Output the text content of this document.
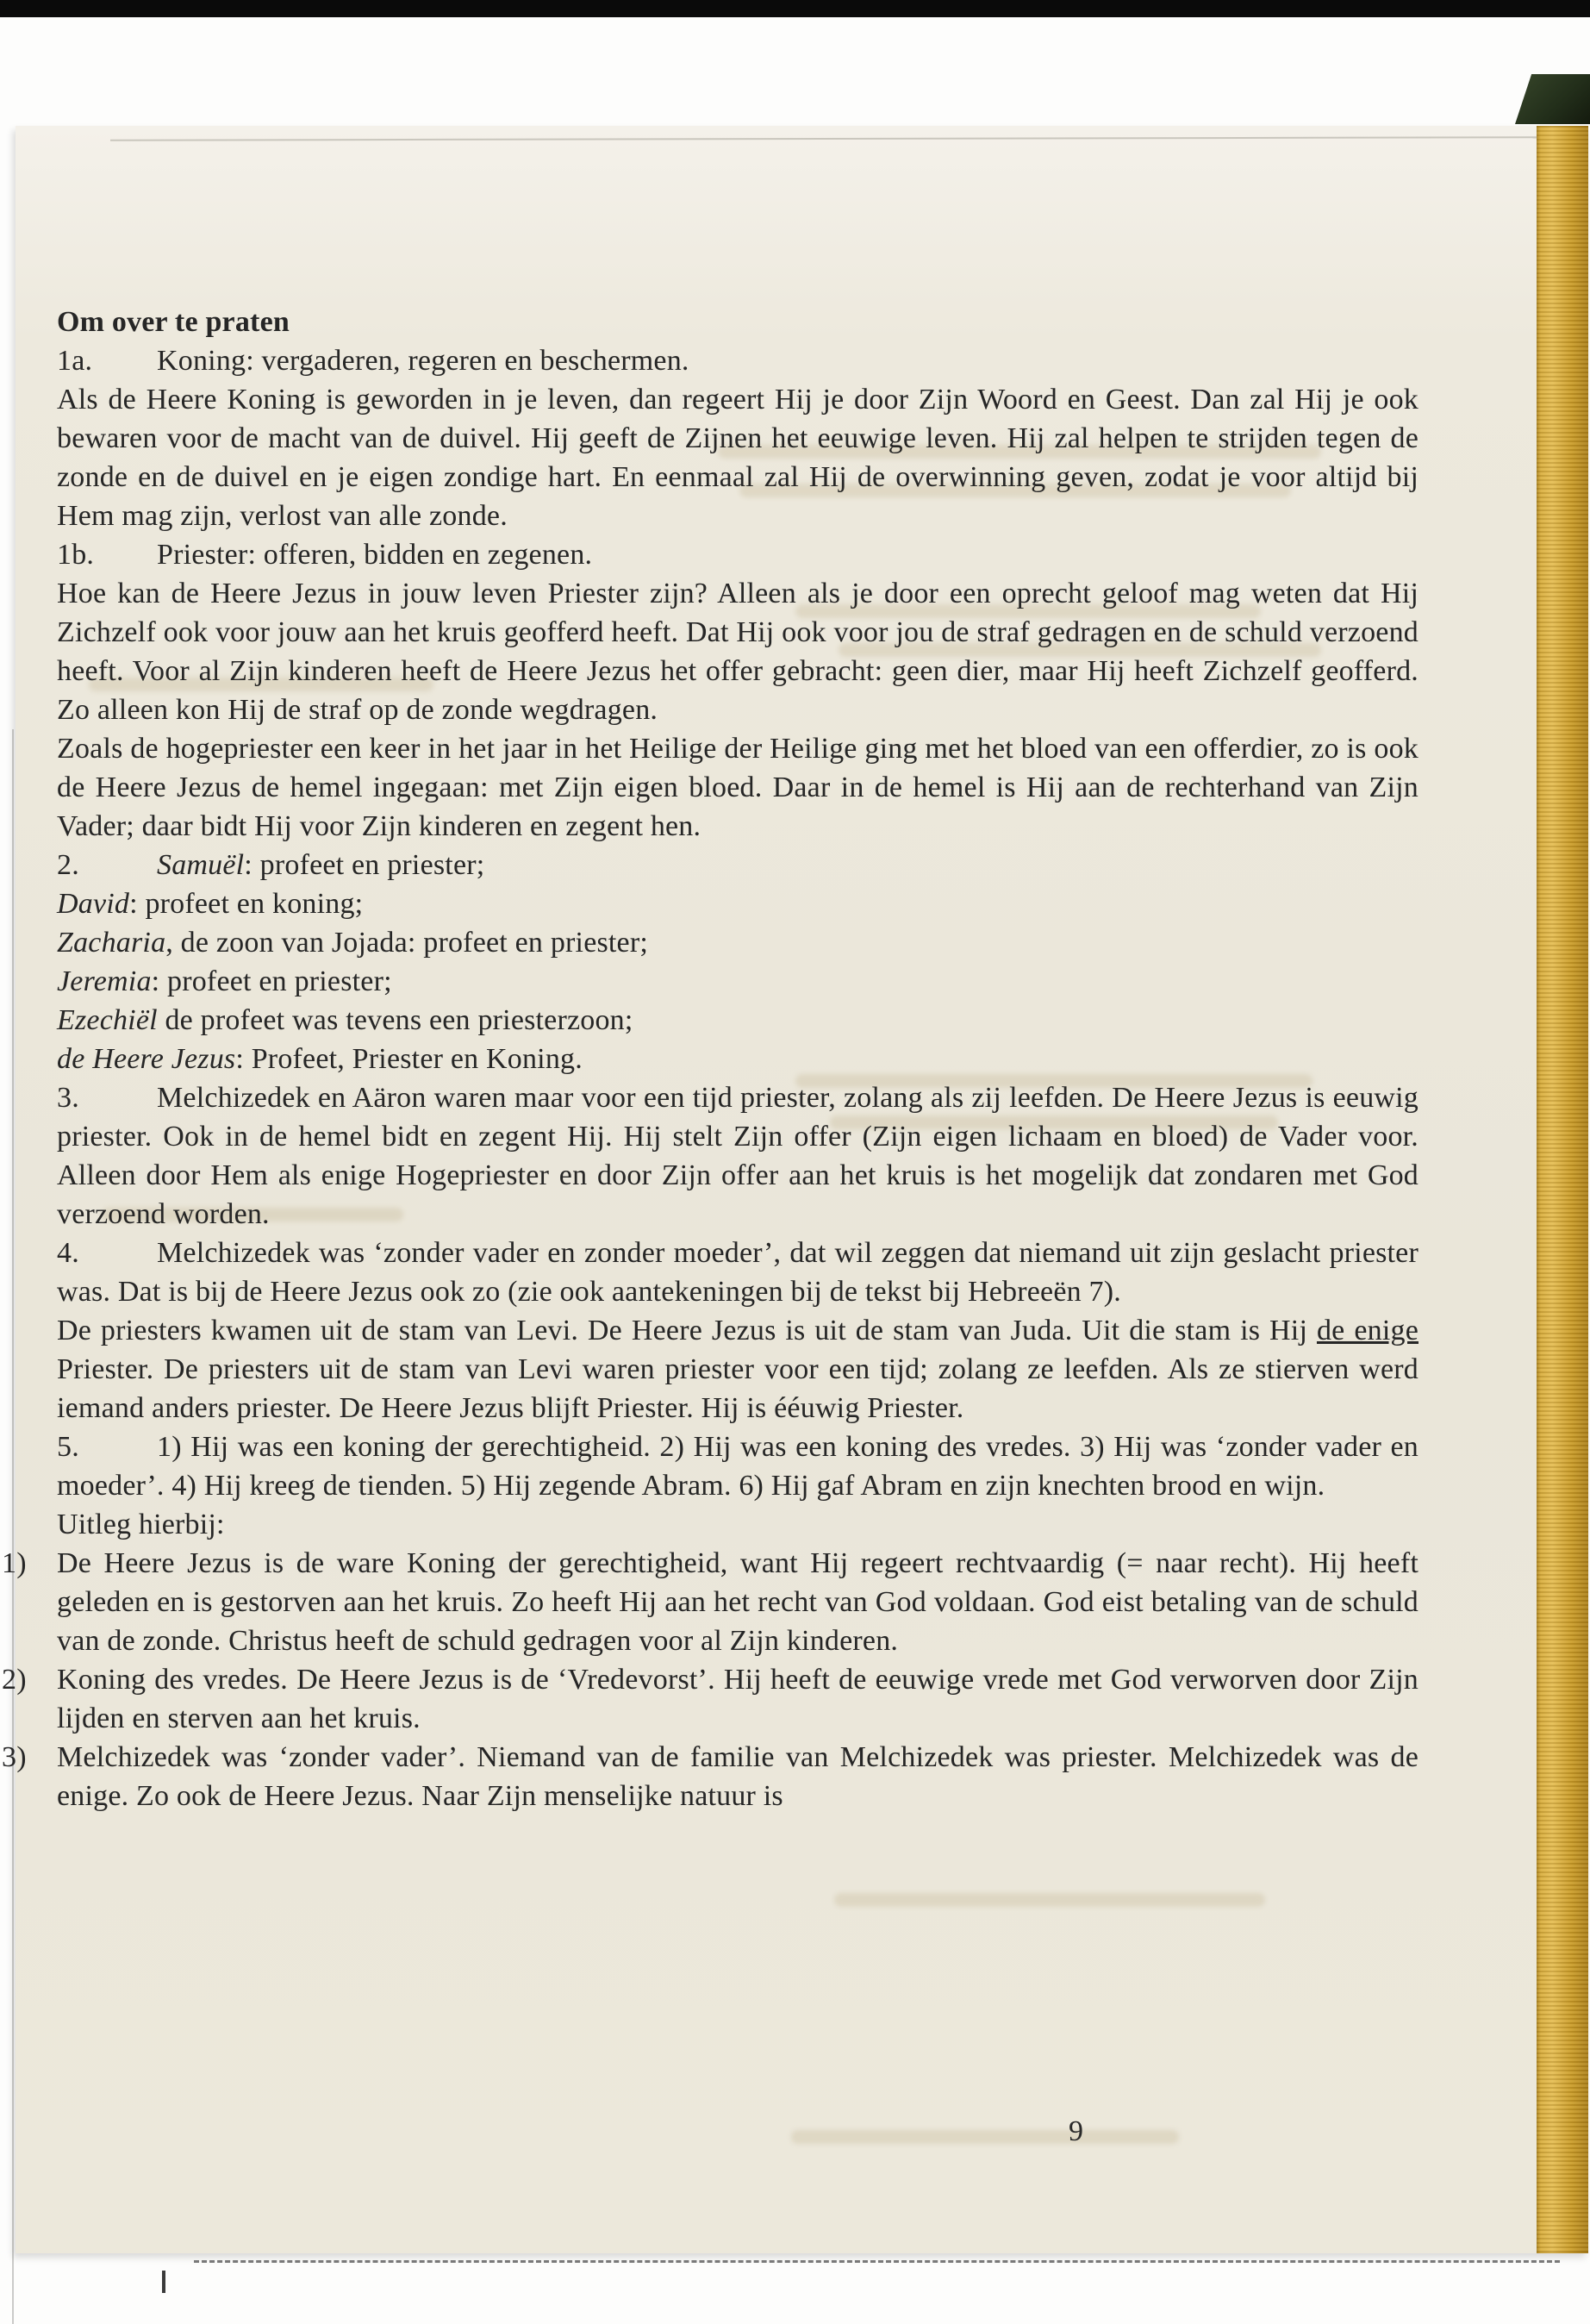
Om over te praten

1a. Koning: vergaderen, regeren en beschermen.

Als de Heere Koning is geworden in je leven, dan regeert Hij je door Zijn Woord en Geest. Dan zal Hij je ook bewaren voor de macht van de duivel. Hij geeft de Zijnen het eeuwige leven. Hij zal helpen te strijden tegen de zonde en de duivel en je eigen zondige hart. En eenmaal zal Hij de overwinning geven, zodat je voor altijd bij Hem mag zijn, verlost van alle zonde.

1b. Priester: offeren, bidden en zegenen.

Hoe kan de Heere Jezus in jouw leven Priester zijn? Alleen als je door een oprecht geloof mag weten dat Hij Zichzelf ook voor jouw aan het kruis geofferd heeft. Dat Hij ook voor jou de straf gedragen en de schuld verzoend heeft. Voor al Zijn kinderen heeft de Heere Jezus het offer gebracht: geen dier, maar Hij heeft Zichzelf geofferd. Zo alleen kon Hij de straf op de zonde wegdragen.

Zoals de hogepriester een keer in het jaar in het Heilige der Heilige ging met het bloed van een offerdier, zo is ook de Heere Jezus de hemel ingegaan: met Zijn eigen bloed. Daar in de hemel is Hij aan de rechterhand van Zijn Vader; daar bidt Hij voor Zijn kinderen en zegent hen.

2.	Samuël: profeet en priester;

David: profeet en koning;

Zacharia, de zoon van Jojada: profeet en priester;

Jeremia: profeet en priester;

Ezechiël de profeet was tevens een priesterzoon;

de Heere Jezus: Profeet, Priester en Koning.

3.	Melchizedek en Aäron waren maar voor een tijd priester, zolang als zij leefden. De Heere Jezus is eeuwig priester. Ook in de hemel bidt en zegent Hij. Hij stelt Zijn offer (Zijn eigen lichaam en bloed) de Vader voor. Alleen door Hem als enige Hogepriester en door Zijn offer aan het kruis is het mogelijk dat zondaren met God verzoend worden.

4.	Melchizedek was ‘zonder vader en zonder moeder’, dat wil zeggen dat niemand uit zijn geslacht priester was. Dat is bij de Heere Jezus ook zo (zie ook aantekeningen bij de tekst bij Hebreeën 7).

De priesters kwamen uit de stam van Levi. De Heere Jezus is uit de stam van Juda. Uit die stam is Hij de enige Priester. De priesters uit de stam van Levi waren priester voor een tijd; zolang ze leefden. Als ze stierven werd iemand anders priester. De Heere Jezus blijft Priester. Hij is ééuwig Priester.

5.	1) Hij was een koning der gerechtigheid. 2) Hij was een koning des vredes. 3) Hij was ‘zonder vader en moeder’. 4) Hij kreeg de tienden. 5) Hij zegende Abram. 6) Hij gaf Abram en zijn knechten brood en wijn.

Uitleg hierbij:

1) De Heere Jezus is de ware Koning der gerechtigheid, want Hij regeert rechtvaardig (= naar recht). Hij heeft geleden en is gestorven aan het kruis. Zo heeft Hij aan het recht van God voldaan. God eist betaling van de schuld van de zonde. Christus heeft de schuld gedragen voor al Zijn kinderen.

2) Koning des vredes. De Heere Jezus is de ‘Vredevorst’. Hij heeft de eeuwige vrede met God verworven door Zijn lijden en sterven aan het kruis.

3) Melchizedek was ‘zonder vader’. Niemand van de familie van Melchizedek was priester. Melchizedek was de enige. Zo ook de Heere Jezus. Naar Zijn menselijke natuur is

9
